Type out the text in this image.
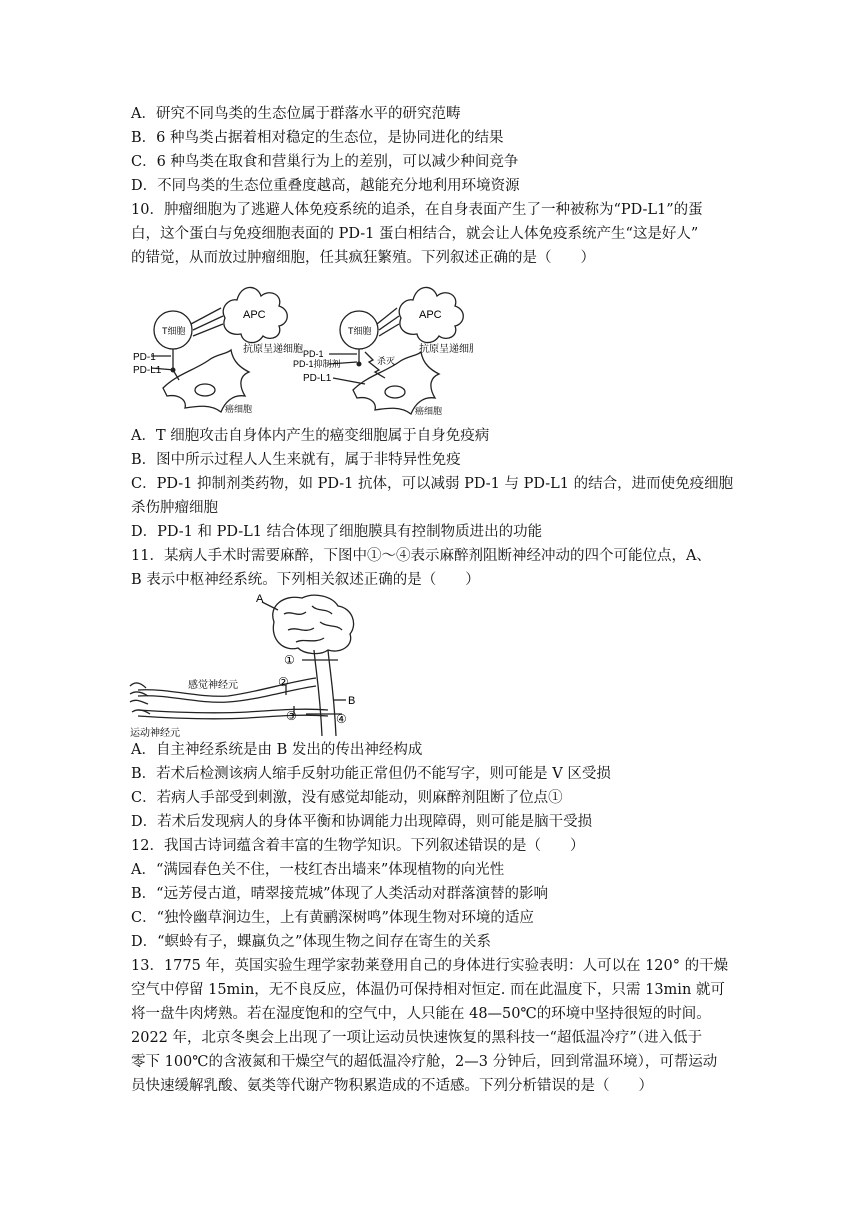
A．研究不同鸟类的生态位属于群落水平的研究范畴
B．6 种鸟类占据着相对稳定的生态位，是协同进化的结果
C．6 种鸟类在取食和营巢行为上的差别，可以减少种间竞争
D．不同鸟类的生态位重叠度越高，越能充分地利用环境资源
10．肿瘤细胞为了逃避人体免疫系统的追杀，在自身表面产生了一种被称为“PD-L1”的蛋
白，这个蛋白与免疫细胞表面的 PD-1 蛋白相结合，就会让人体免疫系统产生“这是好人”
的错觉，从而放过肿瘤细胞，任其疯狂繁殖。下列叙述正确的是（　　）
APC
T细胞
抗原呈递细胞
PD-1
PD-L1
癌细胞
APC
T细胞
抗原呈递细胞
PD-1
PD-1抑制剂	杀灭
PD-L1
癌细胞
A．T 细胞攻击自身体内产生的癌变细胞属于自身免疫病
B．图中所示过程人人生来就有，属于非特异性免疫
C．PD-1 抑制剂类药物，如 PD-1 抗体，可以减弱 PD-1 与 PD-L1 的结合，进而使免疫细胞
杀伤肿瘤细胞
D．PD-1 和 PD-L1 结合体现了细胞膜具有控制物质进出的功能
11．某病人手术时需要麻醉，下图中①～④表示麻醉剂阻断神经冲动的四个可能位点，A、
B 表示中枢神经系统。下列相关叙述正确的是（　　）
A
B
感觉神经元
运动神经元
①
②
③	④
A．自主神经系统是由 B 发出的传出神经构成
B．若术后检测该病人缩手反射功能正常但仍不能写字，则可能是 V 区受损
C．若病人手部受到刺激，没有感觉却能动，则麻醉剂阻断了位点①
D．若术后发现病人的身体平衡和协调能力出现障碍，则可能是脑干受损
12．我国古诗词蕴含着丰富的生物学知识。下列叙述错误的是（　　）
A．“满园春色关不住，一枝红杏出墙来”体现植物的向光性
B．“远芳侵古道，晴翠接荒城”体现了人类活动对群落演替的影响
C．“独怜幽草涧边生，上有黄鹂深树鸣”体现生物对环境的适应
D．“螟蛉有子，蜾蠃负之”体现生物之间存在寄生的关系
13．1775 年，英国实验生理学家勃莱登用自己的身体进行实验表明：人可以在 120° 的干燥
空气中停留 15min，无不良反应，体温仍可保持相对恒定. 而在此温度下，只需 13min 就可
将一盘牛肉烤熟。若在湿度饱和的空气中，人只能在 48—50℃的环境中坚持很短的时间。
2022 年，北京冬奥会上出现了一项让运动员快速恢复的黑科技一“超低温冷疗”（进入低于
零下 100℃的含液氮和干燥空气的超低温冷疗舱，2—3 分钟后，回到常温环境），可帮运动
员快速缓解乳酸、氨类等代谢产物积累造成的不适感。下列分析错误的是（　　）
